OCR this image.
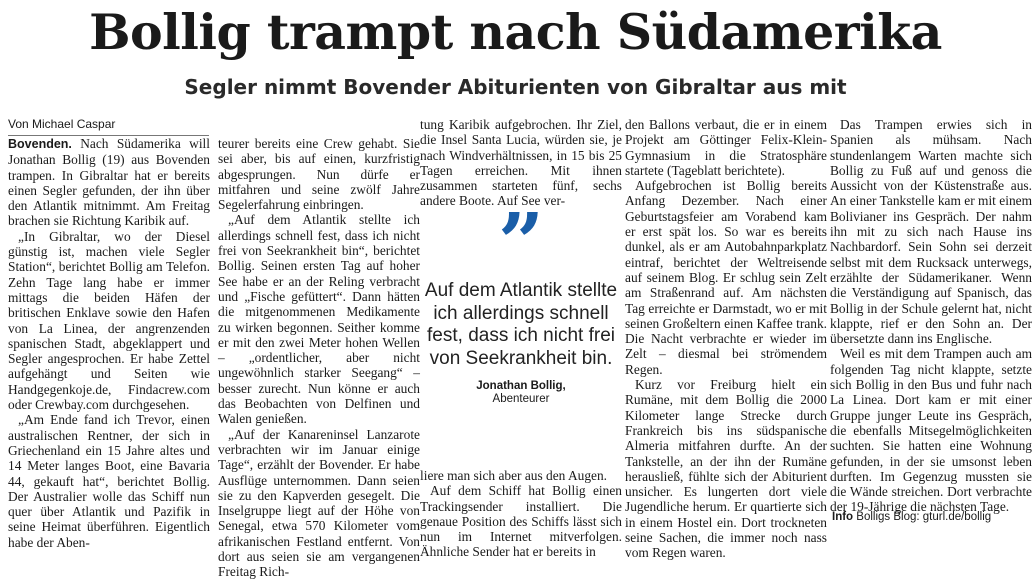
Bollig trampt nach Südamerika
Segler nimmt Bovender Abiturienten von Gibraltar aus mit
Von Michael Caspar

Bovenden. Nach Südamerika will Jonathan Bollig (19) aus Bovenden trampen. In Gibraltar hat er bereits einen Segler gefunden, der ihn über den Atlantik mitnimmt. Am Freitag brachen sie Richtung Karibik auf.

„In Gibraltar, wo der Diesel günstig ist, machen viele Segler Station“, berichtet Bollig am Telefon. Zehn Tage lang habe er immer mittags die beiden Häfen der britischen Enklave sowie den Hafen von La Linea, der angrenzenden spanischen Stadt, abgeklappert und Segler angesprochen. Er habe Zettel aufgehängt und Seiten wie Handgegenkoje.de, Findacrew.com oder Crewbay.com durchgesehen.

„Am Ende fand ich Trevor, einen australischen Rentner, der sich in Griechenland ein 15 Jahre altes und 14 Meter langes Boot, eine Bavaria 44, gekauft hat“, berichtet Bollig. Der Australier wolle das Schiff nun quer über Atlantik und Pazifik in seine Heimat überführen. Eigentlich habe der Aben-

teurer bereits eine Crew gehabt. Sie sei aber, bis auf einen, kurzfristig abgesprungen. Nun dürfe er mitfahren und seine zwölf Jahre Segelerfahrung einbringen.

„Auf dem Atlantik stellte ich allerdings schnell fest, dass ich nicht frei von Seekrankheit bin“, berichtet Bollig. Seinen ersten Tag auf hoher See habe er an der Reling verbracht und „Fische gefüttert“. Dann hätten die mitgenommenen Medikamente zu wirken begonnen. Seither komme er mit den zwei Meter hohen Wellen – „ordentlicher, aber nicht ungewöhnlich starker Seegang“ – besser zurecht. Nun könne er auch das Beobachten von Delfinen und Walen genießen.

„Auf der Kanareninsel Lanzarote verbrachten wir im Januar einige Tage“, erzählt der Bovender. Er habe Ausflüge unternommen. Dann seien sie zu den Kapverden gesegelt. Die Inselgruppe liegt auf der Höhe von Senegal, etwa 570 Kilometer vom afrikanischen Festland entfernt. Von dort aus seien sie am vergangenen Freitag Rich-

tung Karibik aufgebrochen. Ihr Ziel, die Insel Santa Lucia, würden sie, je nach Windverhältnissen, in 15 bis 25 Tagen erreichen. Mit ihnen zusammen starteten fünf, sechs andere Boote. Auf See ver-

”
Auf dem Atlantik stellte ich allerdings schnell fest, dass ich nicht frei von Seekrankheit bin.
Jonathan Bollig,
Abenteurer

liere man sich aber aus den Augen.

Auf dem Schiff hat Bollig einen Trackingsender installiert. Die genaue Position des Schiffs lässt sich nun im Internet mitverfolgen. Ähnliche Sender hat er bereits in

den Ballons verbaut, die er in einem Projekt am Göttinger Felix-Klein-Gymnasium in die Stratosphäre startete (Tageblatt berichtete).

Aufgebrochen ist Bollig bereits Anfang Dezember. Nach einer Geburtstagsfeier am Vorabend kam er erst spät los. So war es bereits dunkel, als er am Autobahnparkplatz eintraf, berichtet der Weltreisende auf seinem Blog. Er schlug sein Zelt am Straßenrand auf. Am nächsten Tag erreichte er Darmstadt, wo er mit seinen Großeltern einen Kaffee trank. Die Nacht verbrachte er wieder im Zelt – diesmal bei strömendem Regen.

Kurz vor Freiburg hielt ein Rumäne, mit dem Bollig die 2000 Kilometer lange Strecke durch Frankreich bis ins südspanische Almeria mitfahren durfte. An der Tankstelle, an der ihn der Rumäne herausließ, fühlte sich der Abiturient unsicher. Es lungerten dort viele Jugendliche herum. Er quartierte sich in einem Hostel ein. Dort trockneten seine Sachen, die immer noch nass vom Regen waren.

Das Trampen erwies sich in Spanien als mühsam. Nach stundenlangem Warten machte sich Bollig zu Fuß auf und genoss die Aussicht von der Küstenstraße aus. An einer Tankstelle kam er mit einem Bolivianer ins Gespräch. Der nahm ihn mit zu sich nach Hause ins Nachbardorf. Sein Sohn sei derzeit selbst mit dem Rucksack unterwegs, erzählte der Südamerikaner. Wenn die Verständigung auf Spanisch, das Bollig in der Schule gelernt hat, nicht klappte, rief er den Sohn an. Der übersetzte dann ins Englische.

Weil es mit dem Trampen auch am folgenden Tag nicht klappte, setzte sich Bollig in den Bus und fuhr nach La Linea. Dort kam er mit einer Gruppe junger Leute ins Gespräch, die ebenfalls Mitsegelmöglichkeiten suchten. Sie hatten eine Wohnung gefunden, in der sie umsonst leben durften. Im Gegenzug mussten sie die Wände streichen. Dort verbrachte der 19-Jährige die nächsten Tage.

Info Bolligs Blog: gturl.de/bollig
